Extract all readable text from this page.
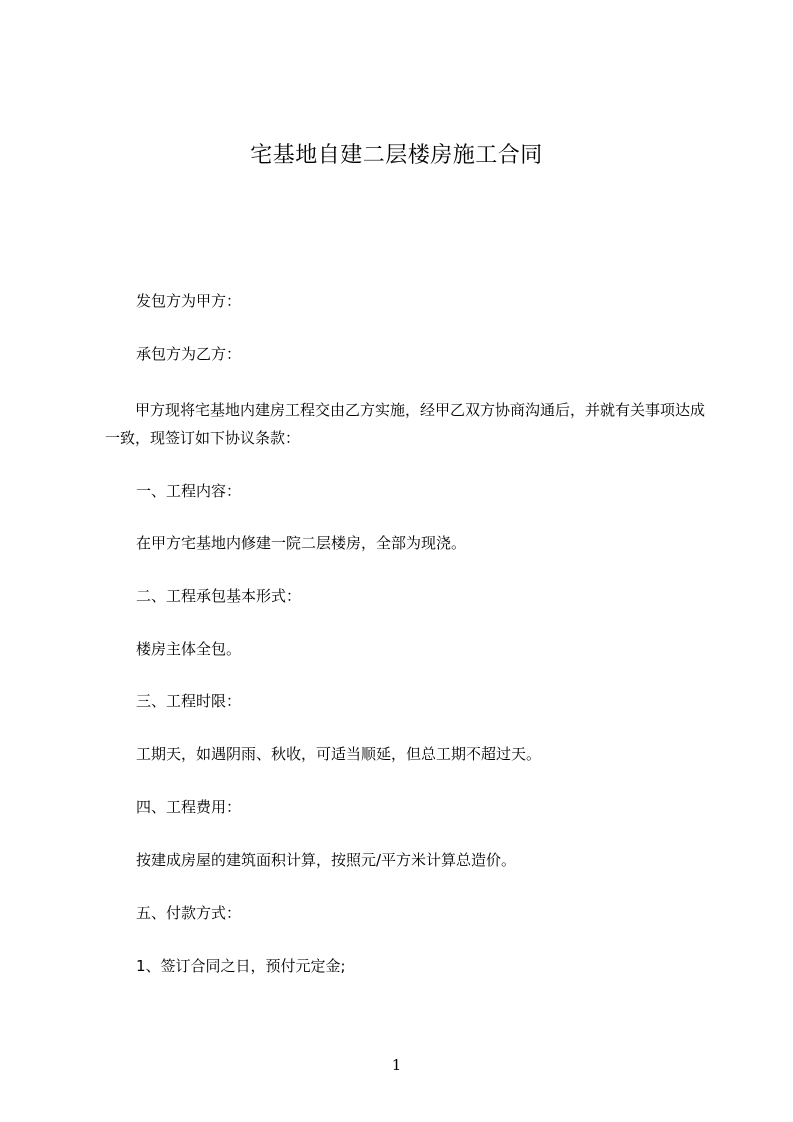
宅基地自建二层楼房施工合同

发包方为甲方：

承包方为乙方：

甲方现将宅基地内建房工程交由乙方实施，经甲乙双方协商沟通后，并就有关事项达成一致，现签订如下协议条款：

一、工程内容：

在甲方宅基地内修建一院二层楼房，全部为现浇。

二、工程承包基本形式：

楼房主体全包。

三、工程时限：

工期天，如遇阴雨、秋收，可适当顺延，但总工期不超过天。

四、工程费用：

按建成房屋的建筑面积计算，按照元/平方米计算总造价。

五、付款方式：

1、签订合同之日，预付元定金;

1
